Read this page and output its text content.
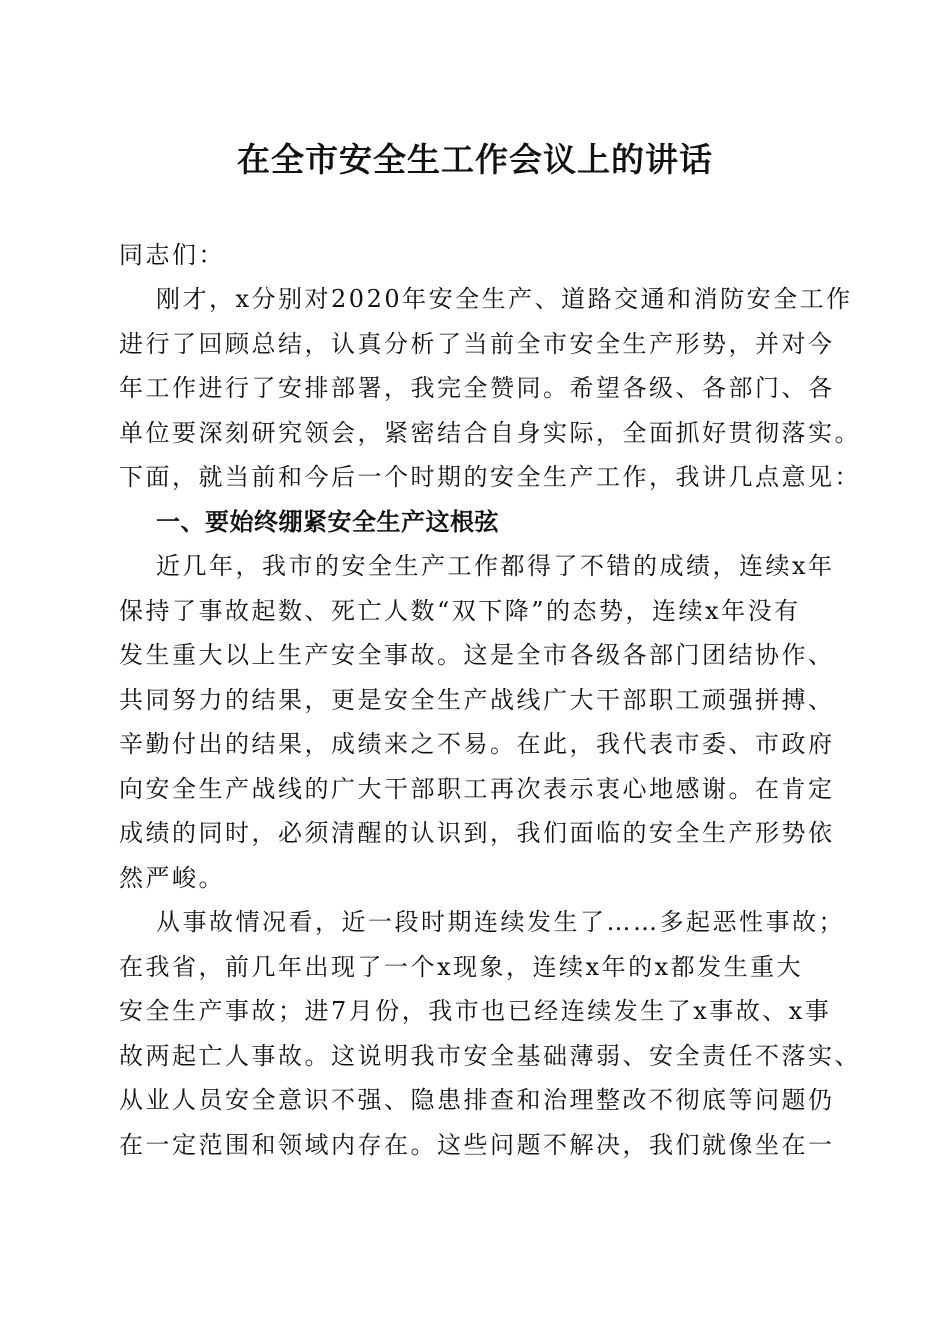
在全市安全生工作会议上的讲话
同志们：
刚才，x分别对2020年安全生产、道路交通和消防安全工作
进行了回顾总结，认真分析了当前全市安全生产形势，并对今
年工作进行了安排部署，我完全赞同。希望各级、各部门、各
单位要深刻研究领会，紧密结合自身实际，全面抓好贯彻落实。
下面，就当前和今后一个时期的安全生产工作，我讲几点意见：
一、要始终绷紧安全生产这根弦
近几年，我市的安全生产工作都得了不错的成绩，连续x年
保持了事故起数、死亡人数“双下降”的态势，连续x年没有
发生重大以上生产安全事故。这是全市各级各部门团结协作、
共同努力的结果，更是安全生产战线广大干部职工顽强拼搏、
辛勤付出的结果，成绩来之不易。在此，我代表市委、市政府
向安全生产战线的广大干部职工再次表示衷心地感谢。在肯定
成绩的同时，必须清醒的认识到，我们面临的安全生产形势依
然严峻。
从事故情况看，近一段时期连续发生了……多起恶性事故；
在我省，前几年出现了一个x现象，连续x年的x都发生重大
安全生产事故；进7月份，我市也已经连续发生了x事故、x事
故两起亡人事故。这说明我市安全基础薄弱、安全责任不落实、
从业人员安全意识不强、隐患排查和治理整改不彻底等问题仍
在一定范围和领域内存在。这些问题不解决，我们就像坐在一
